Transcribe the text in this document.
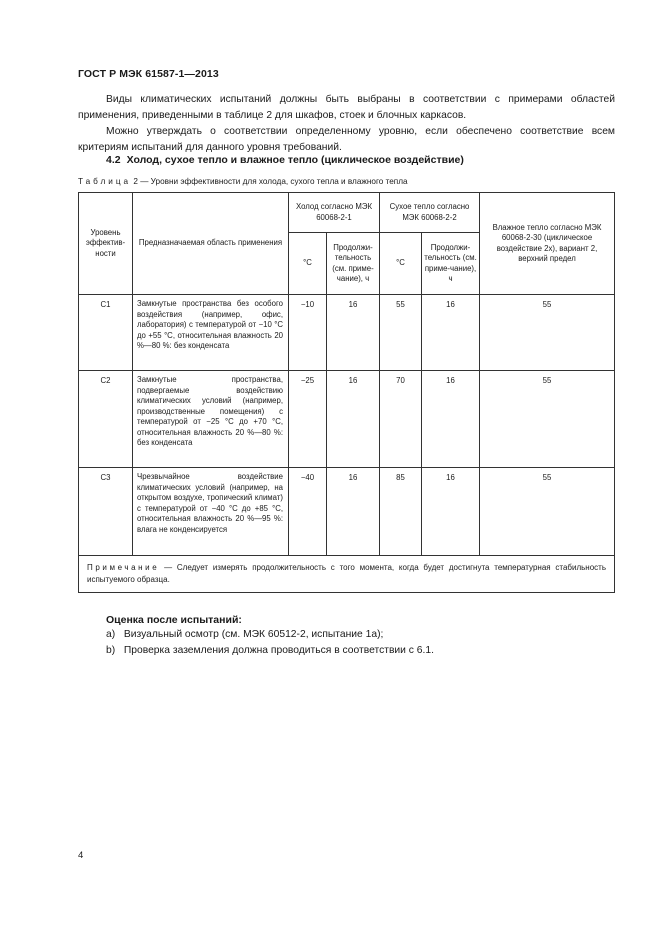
ГОСТ Р МЭК 61587-1—2013
Виды климатических испытаний должны быть выбраны в соответствии с примерами областей применения, приведенными в таблице 2 для шкафов, стоек и блочных каркасов.
Можно утверждать о соответствии определенному уровню, если обеспечено соответствие всем критериям испытаний для данного уровня требований.
4.2 Холод, сухое тепло и влажное тепло (циклическое воздействие)
Таблица 2 — Уровни эффективности для холода, сухого тепла и влажного тепла
Уровень эффектив-ности	Предназначаемая область применения	Холод согласно МЭК 60068-2-1		Сухое тепло согласно МЭК 60068-2-2		Влажное тепло согласно МЭК 60068-2-30 (циклическое воздействие 2x), вариант 2, верхний предел
		°C	Продолжи-тельность (см. приме-чание), ч	°C	Продолжи-тельность (см. приме-чание), ч	
C1	Замкнутые пространства без особого воздействия (например, офис, лаборатория) с температурой от −10 °C до +55 °C, относительная влажность 20 %—80 %: без конденсата	−10	16	55	16	55
C2	Замкнутые пространства, подвергаемые воздействию климатических условий (например, производственные помещения) с температурой от −25 °C до +70 °C, относительная влажность 20 %—80 %: без конденсата	−25	16	70	16	55
C3	Чрезвычайное воздействие климатических условий (например, на открытом воздухе, тропический климат) с температурой от −40 °C до +85 °C, относительная влажность 20 %—95 %: влага не конденсируется	−40	16	85	16	55
Примечание — Следует измерять продолжительность с того момента, когда будет достигнута температурная стабильность испытуемого образца.						
Оценка после испытаний:
a) Визуальный осмотр (см. МЭК 60512-2, испытание 1a);
b) Проверка заземления должна проводиться в соответствии с 6.1.
4
